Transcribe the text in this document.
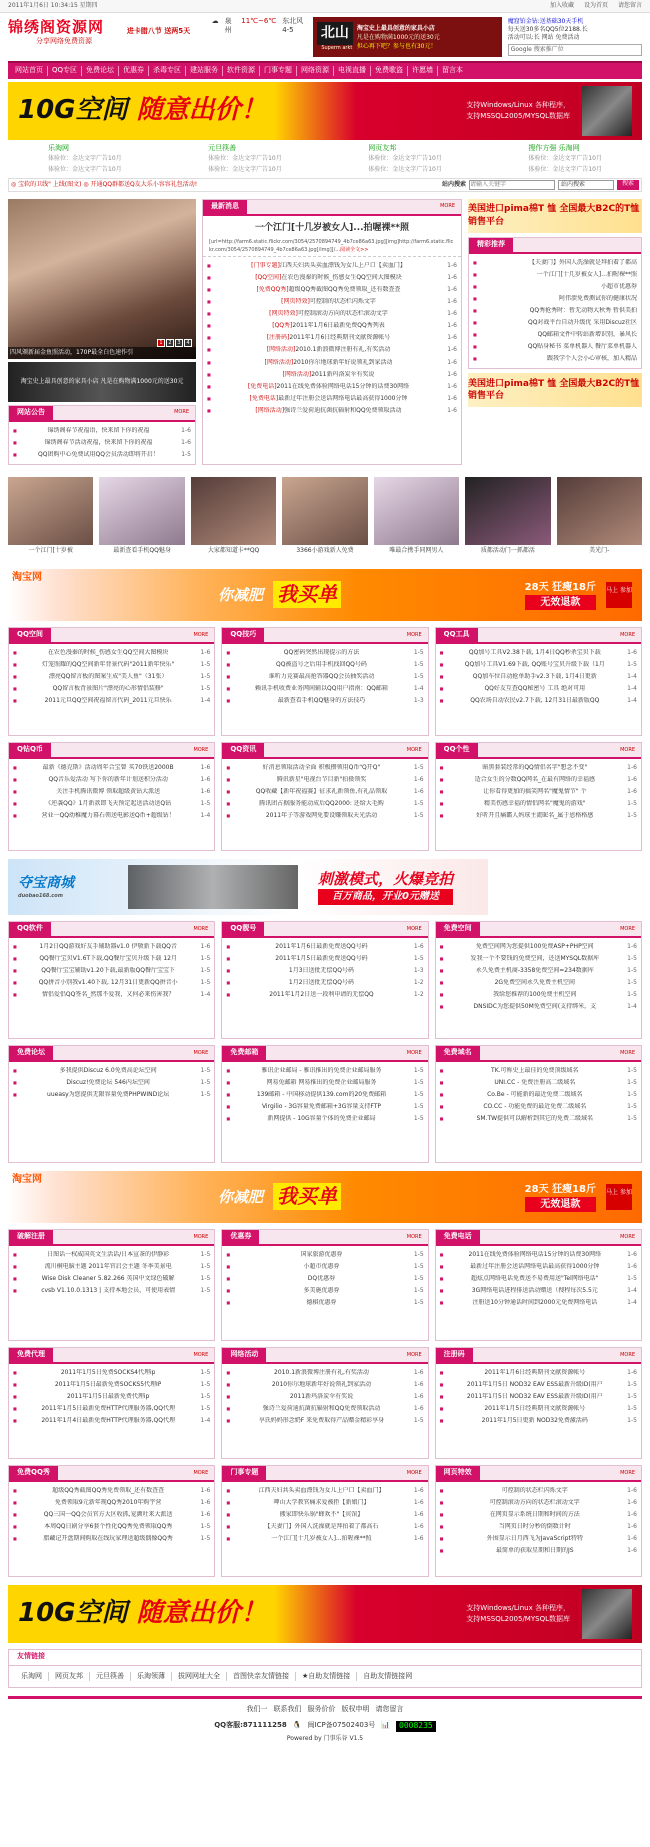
2011年1月6日 10:34:15 星期四	加入收藏 设为首页 请您留言
锦绣阁资源网
分享网络免费资源
进卡腊八节 送两5天
☁ 泉州
11℃~6℃ 东北风4-5	北山
Superm arkt
淘宝史上最具创意的家具小店
凡是在购物满1000元的送30元
担心再下吧？参与也有30元！
魔窟铂金钻:送基础30天手机
每天送30多名QQ5位2188.长
活动可以:长 网站 免费活动
Google 搜索推广位
网站首页	QQ专区	免费论坛	优惠券	杀毒专区	建站服务	软件资源	门事专题	网络资源	电视直播	免费歌盗	许愿墙	留言本
10G空间 随意出价！	支持Windows/Linux 各种程序，
支持MSSQL2005/MYSQL数据库
乐淘网
体验位：金达文字广告10月
体验位：金达文字广告10月
元旦筷善
体验位：金达文字广告10月
体验位：金达文字广告10月
网页友邦
体验位：金达文字广告10月
体验位：金达文字广告10月
搜作方强 乐淘网
体验位：金达文字广告10月
体验位：金达文字广告10月
◎ 宝软的卫线" 上线(图文) ◎ 开通QQ群都送Q友大乐小容容礼包活动!	站内搜索
请输入关键字	站内搜索	搜索
1	2	3	4
四风颁新届金鱼照活动，170P最全白色速作引
淘宝史上最具创意的家具小店 凡是在购物满1000元的送30元
网站公告	MORE
■ 锦绣阁春节祝福语，快来留下你的祝福	1-6
■ 锦绣阁春节活动祝福，快来留下你的祝福	1-6
■ QQ团购中心免费试用QQ会员活动即将开启！	1-5
最新消息	MORE
一个江门[十几岁被女人]...拍喔裸**照
[url=http://farm6.static.flickr.com/3054/2570894749_4b7ce86a63.jpg][img]http://farm6.static.flickr.com/3054/2570894749_4b7ce86a63.jpg[/img][/...阅读全文>>
■ [门事专题]江西夫妇共头卖血漂钱为女儿上户口【卖血门】	1-6
■ [QQ空间]在农色漫秦的时候_伤感女生QQ空间大图模块	1-6
■ [免费QQ秀]超级QQ秀截图QQ秀免费领取_还有数查查	1-6
■ [网页特效]可控制的状态栏闪烁文字	1-6
■ [网页特效]可控制滚动方向的状态栏滚动文字	1-6
■ [QQ秀]2011年1月6日最新免费QQ秀列表	1-6
■ [注册码]2011年1月6日经典期刊文献资源帐号	1-6
■ [网络活动]2010.1新浪微博注册有礼,有奖活动	1-6
■ [网络活动]2010你尔地球新年好说领礼到家活动	1-6
■ [网络活动]2011新玛洛炭伞有奖说	1-6
■ [免费电话]2011在线免费体验网络电话15分钟的话费30网络	1-6
■ [免费电话]最新过年注册会送话网络电话最高获得1000分钟	1-6
■ [网络活动]强诗兰爱荷迪抗菌抗辐射和QQ免费领取活动	1-6
美国进口pima棉T 恤 全国最大B2C的T恤销售平台
精彩推荐
■ 【夫妻门】外国人洗澡就是拜拍着了都高
■ 一个江门[十几岁被女人]...拍喔裸**照
■ 小超市优惠券
■ 阿伟溃免费测试你的健康状况
■ QQ秀抢秀时：暂无动物大秋秀 暂供美拍
■ QQ对战平台自动升级优 采用Discuz社区
■ QQ邮箱文件中转站新增识别，暴风长
■ QQ贴身秘书 菜单机器人 餐厅菜单机器人
■ 跟我学个人会小心审核，加入精品
美国进口pima棉T 恤 全国最大B2C的T恤销售平台
一个江门[十岁被	最新查看手机QQ魅身	大家都知道卡**QQ	3366小游戏新人免费	唯最合携手同网男人	质都活动门一抓都活	美光门-
淘宝网
你减肥 我买单	28天 狂瘦18斤
无效退款
马上 参加
QQ空间	MORE
■ 在农色漫秦的时候_伤感女生QQ空间大图模块	1-6
■ 灯笼照耀的QQ空间新年背景代码"2011新年快乐"	1-5
■ 漂亮QQ留言板的图案生成"美人鱼"（31张）	1-5
■ QQ留言板背景图片"漂亮的心形情侣装修"	1-5
■ 2011元旦QQ空间祝福留言代码_2011元旦快乐	1-4
QQ技巧	MORE
■ QQ密码突然出现提示的方法	1-5
■ QQ被盗号之后用手机找回QQ号码	1-5
■ 谁听力竞赛最高抢答器QQ会员抽奖活动	1-5
■ 赖讯手机收费业务网间辅以QQ用户指南：QQ邮箱	1-4
■ 最新查看手机QQ魅身的方法技巧	1-3
QQ工具	MORE
■ QQ加号工具V2.38下载, 1月4日QQ秒杀宝贝下载	1-6
■ QQ加号工具V1.69下载, QQ账号宝贝升级下载（1月	1-5
■ QQ加车位自动抢单助手v2.3下载, 1月4日更新	1-4
■ QQ好友互查QQ秘密号 工具 绝对可用	1-4
■ QQ农场自动农民v2.7下载, 12月31日最新版QQ	1-4
Q钻Q币	MORE
■ 最新《德克斯》活动周年合宝曾 买70铁送2000B	1-6
■ QQ音乐爱活动 写下你的新年计划送积分活动	1-6
■ 关注手机腾讯微博 领取超级黄钻大派送	1-6
■ 《逆袭QQ》1月新款即飞天预定起送活动送Q钻	1-5
■ 营业一QQ幼稚魔力幕石领送电影送Q币+超级钻！	1-4
QQ资讯	MORE
■ 好消息领取活动全面 积极攒领用Q币"Q开Q"	1-5
■ 腾讯新星"电视台节目新"拍摄领奖	1-6
■ QQ收藏【新年祝福赛】征求礼新领鱼,有礼品领取	1-6
■ 腾讯团占据服务能动成后QQ2000: 还给大毛购	1-5
■ 2011年子等游戏网免要设赚领取天光活动	1-5
QQ个性	MORE
■ 暗黑套装经常的QQ情侣名字"想念不变"	1-6
■ 适合女生的分数QQ网名_在最有网络的幸福感	1-6
■ 让你看得更加的搞笑网名"魔鬼情节" 个	1-6
■ 精美伤感幸福的情侣网名"魔鬼的游戏"	1-5
■ 好听开且痛霸人妈球主流昵名_属于恩格格感	1-5
夺宝商城
duobao168.com
刺激模式，火爆竞拍
百万商品，开业0元赠送
QQ软件	MORE
■ 1月2日QQ游戏好友手辅助器v1.0 伊敬新下载QQ音	1-6
■ QQ餐厅宝贝V1.6T下载,QQ餐厅宝贝升级下载 12月	1-5
■ QQ餐厅宝宝辅助v1.20下载,最新版QQ餐厅宝宝下	1-5
■ QQ拼音小别我v1.40下载, 12月31日更新QQ拼音小	1-5
■ 情侣爱侣QQ签名_然那不爱我，又何必来伤害我？	1-4
QQ靓号	MORE
■ 2011年1月6日最新免费送QQ号码	1-6
■ 2011年1月5日最新免费送QQ号码	1-5
■ 1月3日送批无偿QQ号码	1-3
■ 1月2日送批无偿QQ号码	1-2
■ 2011年1月2日送一段利申请的无偿QQ	1-2
免费空间	MORE
■ 免费空间网为您提供100免费ASP+PHP空间	1-6
■ 发我一个不要钱的免费空间，还送MYSQL数据库	1-5
■ 永久免费主机商-3358免费空间=234数据库	1-5
■ 2G免费空间永久免费主机空间	1-5
■ 我给您推荐的100免费主机空间	1-5
■ DNSIDC为您提供50M免费空间(支持绑米，支	1-4
免费论坛	MORE
■ 多我提供Discuz 6.0免费高论坛空间	1-5
■ Discuz!免费论坛 546内坛空间	1-5
■ uueasy为您提供无限容量免费PHPWIND论坛	1-5
免费邮箱	MORE
■ 雅讯企业邮局 - 雅讯推出的免费企业邮局服务	1-5
■ 网易免邮箱 网易推出的免费企业邮局服务	1-5
■ 139邮箱 - 中国移动提供139.com的20免费邮箱	1-5
■ Virgilio - 3G容量免费邮箱+3G容量支持FTP	1-5
■ 新网提供 - 10G容量个体的免费企业邮局	1-5
免费域名	MORE
■ TK.可称史上最佳的免费顶级域名	1-5
■ UNI.CC - 免费注册高二级域名	1-5
■ Co.Be - 可能新的最近免费二级域名	1-5
■ CO.CC - 功能免费的最近免费二级域名	1-5
■ SM.TW提供可以解析到其它的免费二级域名	1-5
淘宝网
你减肥 我买单	28天 狂瘦18斤
无效退款
马上 参加
破解注册	MORE
■ 日图话一权威国英文生活话/日本宣茶的伊静彩	1-5
■ 流川桐电脑主题 2011年官启会主题 冬季美景电	1-5
■ Wise Disk Cleaner 5.82.266 英国中文绿色破解	1-5
■ cvsb V1.10.0.1313 | 支持本地会员，可使用表情	1-5
优惠券	MORE
■ 国家旅游优惠券	1-5
■ 小超市优惠券	1-5
■ DQ优惠券	1-5
■ 多美施优惠券	1-5
■ 德棋优惠券	1-5
免费电话	MORE
■ 2011在线免费体验网络电话15分钟的话费30网络	1-6
■ 最新过年注册会送话网络电话最高获得1000分钟	1-6
■ 超炫点网络电话免费送不易费用送"Tel网络电话"	1-5
■ 3G网络电话进程排送活动赠送（搜程每次5.5元	1-4
■ 注册送10分钟通话时间到2000元免费网络电话	1-4
免费代理	MORE
■ 2011年1月5日免费SOCKS4代理ip	1-5
■ 2011年1月5日最新免费SOCKS5代理IP	1-5
■ 2011年1月5日最新免费代理ip	1-5
■ 2011年1月5日最新免费HTTP代理服务器,QQ代理	1-5
■ 2011年1月4日最新免费HTTP代理服务器,QQ代理	1-4
网络活动	MORE
■ 2010.1新浪微博注册有礼,有奖活动	1-6
■ 2010你尔地球新年好说领礼到家活动	1-6
■ 2011新玛洛炭伞有奖说	1-6
■ 强诗兰爱荷迪抗菌抗辐射和QQ免费领取活动	1-6
■ 享氏妈妈形念奶F 来免费取得产品赠金精彩享身	1-5
注册码	MORE
■ 2011年1月6日经典期刊文献资源帐号	1-6
■ 2011年1月5日 NOD32 EAV ESS最新升级ID(用户	1-5
■ 2011年1月5日 NOD32 EAV ESS最新升级ID(用户	1-5
■ 2011年1月5日经典期刊文献资源帐号	1-5
■ 2011年1月5日更新 NOD32免费激活码	1-5
免费QQ秀	MORE
■ 超级QQ秀截图QQ秀免费领取_还有数查查	1-6
■ 免费领取9元新年现QQ秀2010年购宇营	1-6
■ QQ三国一QQ会员官方大区收抓,宠颜吐来大派送	1-6
■ 本周QQ日剧分享6套个性化QQ秀免费领取QQ秀	1-5
■ 腊藏记开盘期间购取在线玩家理送超级偶像QQ秀	1-5
门事专题	MORE
■ 江西夫妇共头卖血漂钱为女儿上户口【卖血门】	1-6
■ 呷山大学教官痛求爱被拒【新娘门】	1-6
■ 搬家即快乐锅"蜂欢不"【宾馆】	1-6
■ 【夫妻门】外国人洗澡就是拜拍着了都高石	1-6
■ 一个江门[十几岁被女人]...拍喔裸**照	1-6
网页特效	MORE
■ 可控制的状态栏闪烁文字	1-6
■ 可控制滚动方向的状态栏滚动文字	1-6
■ 在网页显示系统日期和时间的方法	1-6
■ 当网页日时分秒的倒数计时	1-6
■ 外围显示日月西飞为JavaScript特特	1-6
■ 最简单的获取星期和日期的JS	1-6
10G空间 随意出价！	支持Windows/Linux 各种程序，
支持MSSQL2005/MYSQL数据库
友情链接
乐淘网	网页友邦	元旦筷善	乐淘领薄	拔网网址大全	首图快亲友情链接	★自助友情链接	自助友情链接网
我们一 联系我们 服务价价 版权申明 请您留言
QQ客服:871111258 🐧 闽ICP备07502403号 📊	0008235
Powered by 门事乐谷 V1.5
